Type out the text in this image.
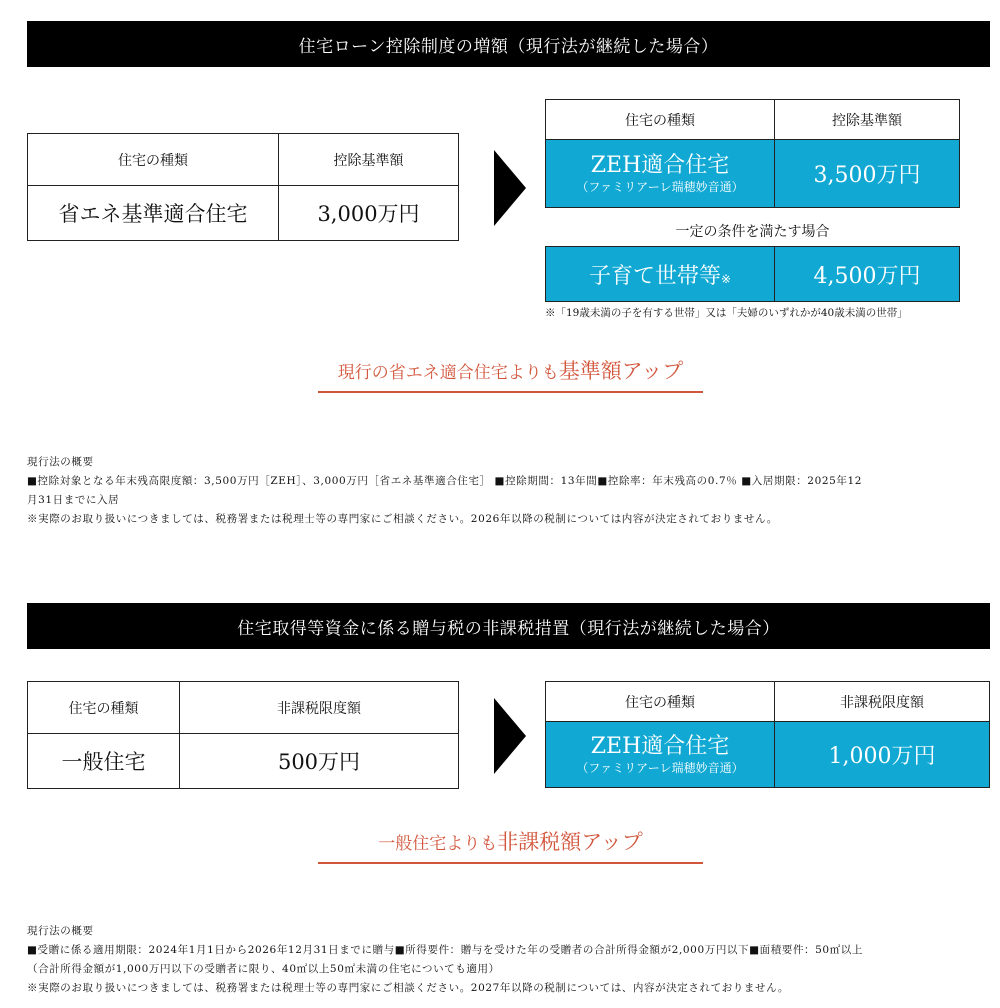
住宅ローン控除制度の増額（現行法が継続した場合）
住宅の種類	控除基準額
省エネ基準適合住宅	3,000万円
住宅の種類	控除基準額

ZEH適合住宅
（ファミリアーレ瑞穂妙音通）	3,500万円
一定の条件を満たす場合
子育て世帯等※	4,500万円
※「19歳未満の子を有する世帯」又は「夫婦のいずれかが40歳未満の世帯」
現行の省エネ適合住宅よりも基準額アップ
現行法の概要
■控除対象となる年末残高限度額：3,500万円［ZEH］、3,000万円［省エネ基準適合住宅］ ■控除期間：13年間■控除率：年末残高の0.7％ ■入居期限：2025年12
月31日までに入居
※実際のお取り扱いにつきましては、税務署または税理士等の専門家にご相談ください。2026年以降の税制については内容が決定されておりません。
住宅取得等資金に係る贈与税の非課税措置（現行法が継続した場合）
住宅の種類	非課税限度額
一般住宅	500万円
住宅の種類	非課税限度額

ZEH適合住宅
（ファミリアーレ瑞穂妙音通）	1,000万円
一般住宅よりも非課税額アップ
現行法の概要
■受贈に係る適用期限：2024年1月1日から2026年12月31日までに贈与■所得要件：贈与を受けた年の受贈者の合計所得金額が2,000万円以下■面積要件：50㎡以上
（合計所得金額が1,000万円以下の受贈者に限り、40㎡以上50㎡未満の住宅についても適用）
※実際のお取り扱いにつきましては、税務署または税理士等の専門家にご相談ください。2027年以降の税制については、内容が決定されておりません。
